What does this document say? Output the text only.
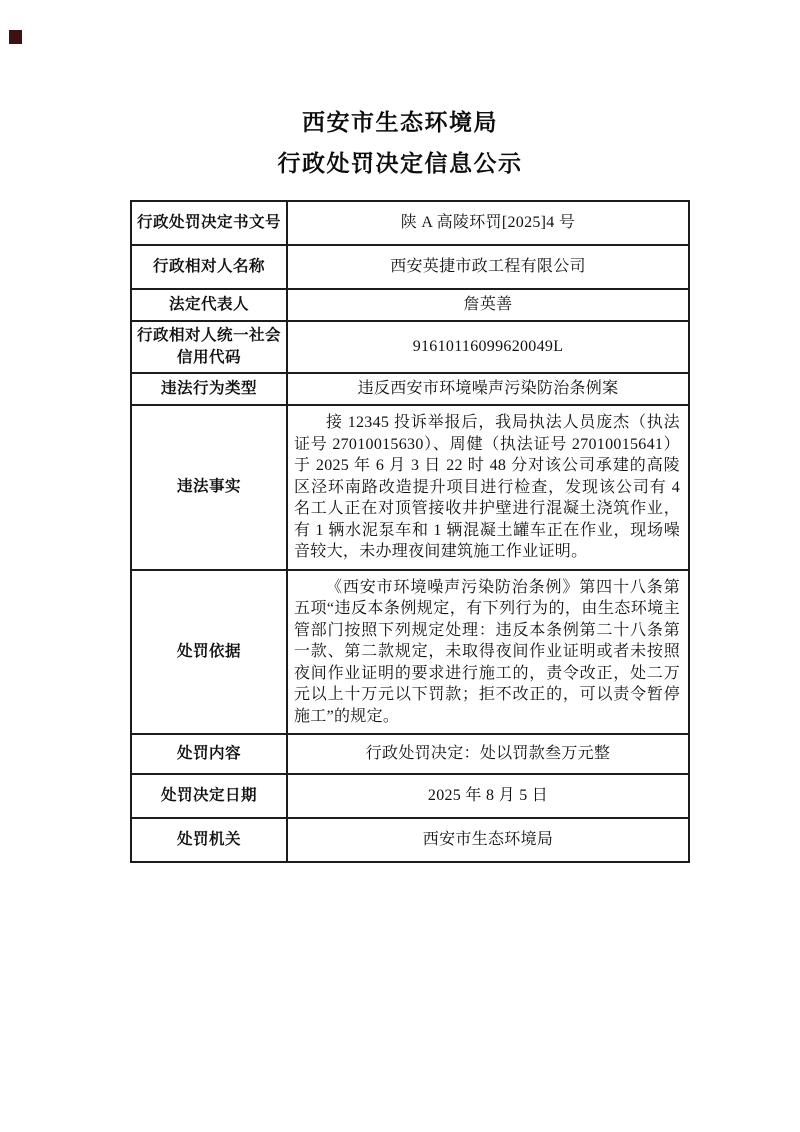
西安市生态环境局
行政处罚决定信息公示
行政处罚决定书文号	陕 A 高陵环罚[2025]4 号
行政相对人名称	西安英捷市政工程有限公司
法定代表人	詹英善
行政相对人统一社会信用代码	91610116099620049L
违法行为类型	违反西安市环境噪声污染防治条例案
违法事实	接 12345 投诉举报后，我局执法人员庞杰（执法证号 27010015630）、周健（执法证号 27010015641）于 2025 年 6 月 3 日 22 时 48 分对该公司承建的高陵区泾环南路改造提升项目进行检查，发现该公司有 4 名工人正在对顶管接收井护壁进行混凝土浇筑作业，有 1 辆水泥泵车和 1 辆混凝土罐车正在作业，现场噪音较大，未办理夜间建筑施工作业证明。
处罚依据	《西安市环境噪声污染防治条例》第四十八条第五项“违反本条例规定，有下列行为的，由生态环境主管部门按照下列规定处理：违反本条例第二十八条第一款、第二款规定，未取得夜间作业证明或者未按照夜间作业证明的要求进行施工的，责令改正，处二万元以上十万元以下罚款；拒不改正的，可以责令暂停施工”的规定。
处罚内容	行政处罚决定：处以罚款叁万元整
处罚决定日期	2025 年 8 月 5 日
处罚机关	西安市生态环境局
